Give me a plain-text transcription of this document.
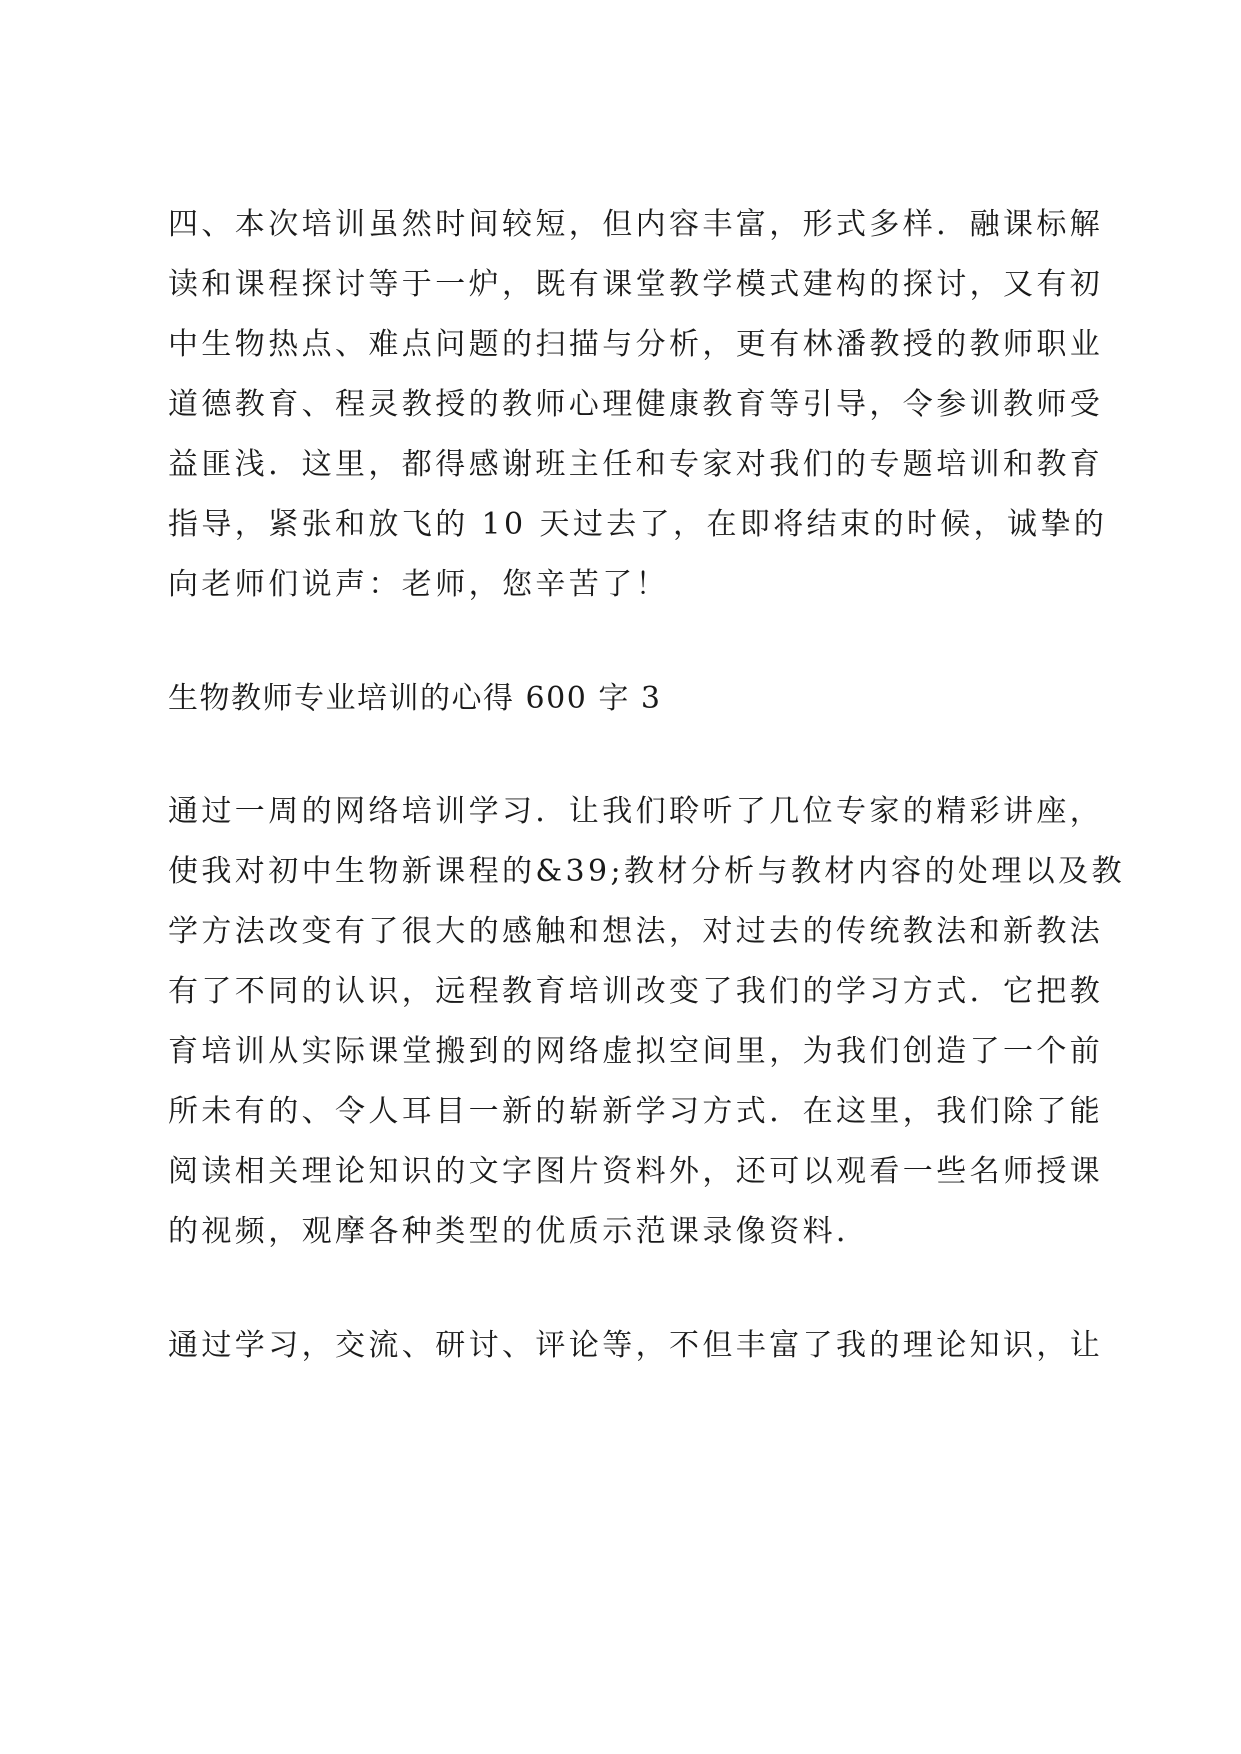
四、本次培训虽然时间较短，但内容丰富，形式多样．融课标解
读和课程探讨等于一炉，既有课堂教学模式建构的探讨，又有初
中生物热点、难点问题的扫描与分析，更有林潘教授的教师职业
道德教育、程灵教授的教师心理健康教育等引导，令参训教师受
益匪浅．这里，都得感谢班主任和专家对我们的专题培训和教育
指导，紧张和放飞的 10 天过去了，在即将结束的时候，诚挚的
向老师们说声：老师，您辛苦了！
生物教师专业培训的心得 600 字 3
通过一周的网络培训学习．让我们聆听了几位专家的精彩讲座，
使我对初中生物新课程的&39;教材分析与教材内容的处理以及教
学方法改变有了很大的感触和想法，对过去的传统教法和新教法
有了不同的认识，远程教育培训改变了我们的学习方式．它把教
育培训从实际课堂搬到的网络虚拟空间里，为我们创造了一个前
所未有的、令人耳目一新的崭新学习方式．在这里，我们除了能
阅读相关理论知识的文字图片资料外，还可以观看一些名师授课
的视频，观摩各种类型的优质示范课录像资料．
通过学习，交流、研讨、评论等，不但丰富了我的理论知识，让
